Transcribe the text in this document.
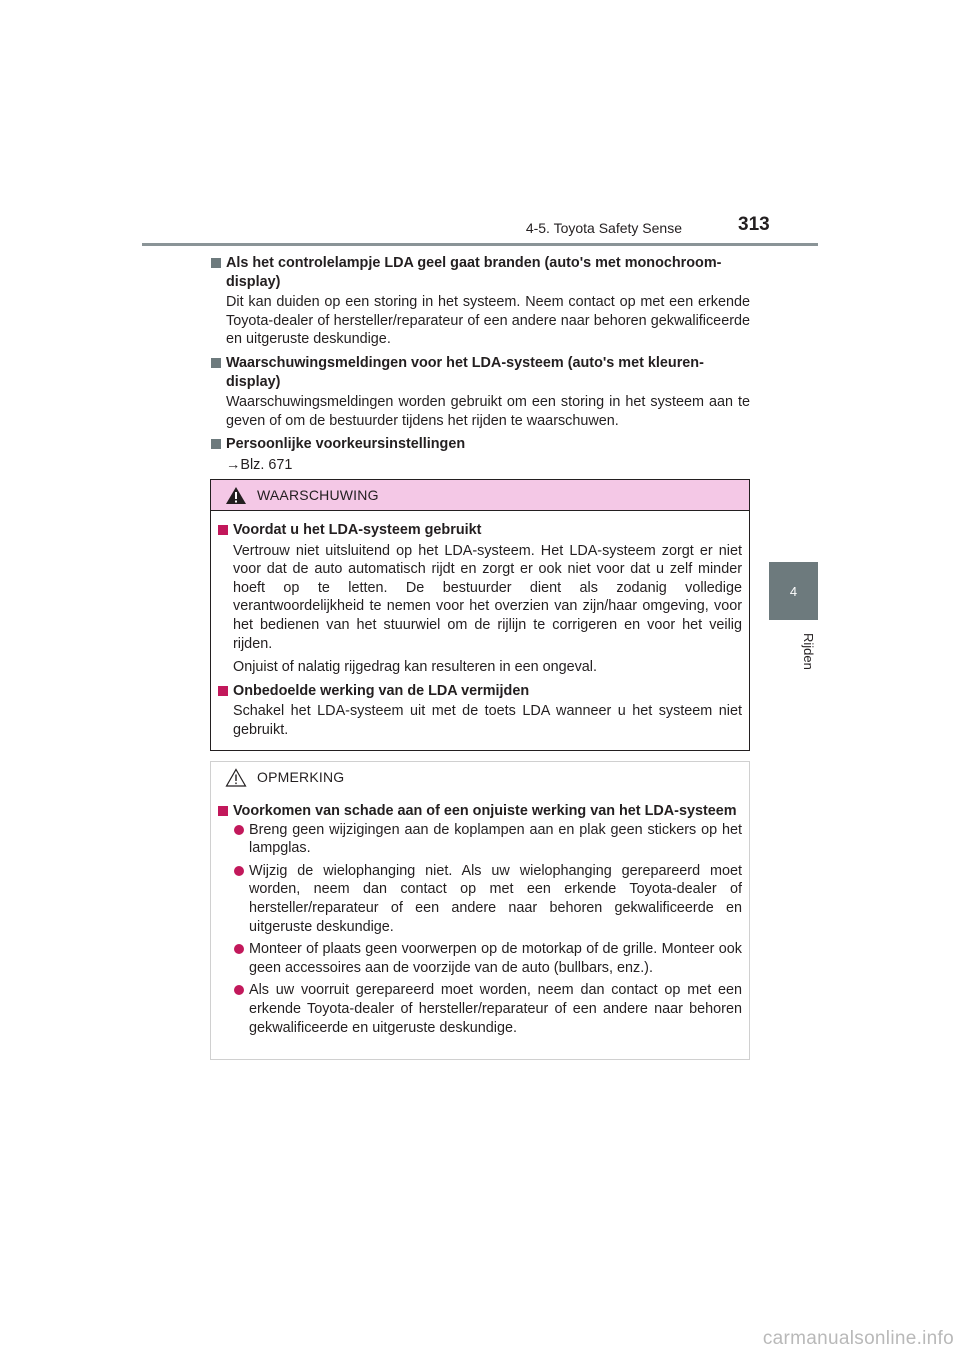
4-5. Toyota Safety Sense	313
4
Rijden
Als het controlelampje LDA geel gaat branden (auto's met monochroom-display)
Dit kan duiden op een storing in het systeem. Neem contact op met een erkende Toyota-dealer of hersteller/reparateur of een andere naar behoren gekwalificeerde en uitgeruste deskundige.
Waarschuwingsmeldingen voor het LDA-systeem (auto's met kleuren-display)
Waarschuwingsmeldingen worden gebruikt om een storing in het systeem aan te geven of om de bestuurder tijdens het rijden te waarschuwen.
Persoonlijke voorkeursinstellingen
→Blz. 671
WAARSCHUWING
Voordat u het LDA-systeem gebruikt
Vertrouw niet uitsluitend op het LDA-systeem. Het LDA-systeem zorgt er niet voor dat de auto automatisch rijdt en zorgt er ook niet voor dat u zelf minder hoeft op te letten. De bestuurder dient als zodanig volledige verantwoordelijkheid te nemen voor het overzien van zijn/haar omgeving, voor het bedienen van het stuurwiel om de rijlijn te corrigeren en voor het veilig rijden.
Onjuist of nalatig rijgedrag kan resulteren in een ongeval.
Onbedoelde werking van de LDA vermijden
Schakel het LDA-systeem uit met de toets LDA wanneer u het systeem niet gebruikt.
OPMERKING
Voorkomen van schade aan of een onjuiste werking van het LDA-systeem
Breng geen wijzigingen aan de koplampen aan en plak geen stickers op het lampglas.
Wijzig de wielophanging niet. Als uw wielophanging gerepareerd moet worden, neem dan contact op met een erkende Toyota-dealer of hersteller/reparateur of een andere naar behoren gekwalificeerde en uitgeruste deskundige.
Monteer of plaats geen voorwerpen op de motorkap of de grille. Monteer ook geen accessoires aan de voorzijde van de auto (bullbars, enz.).
Als uw voorruit gerepareerd moet worden, neem dan contact op met een erkende Toyota-dealer of hersteller/reparateur of een andere naar behoren gekwalificeerde en uitgeruste deskundige.
carmanualsonline.info
